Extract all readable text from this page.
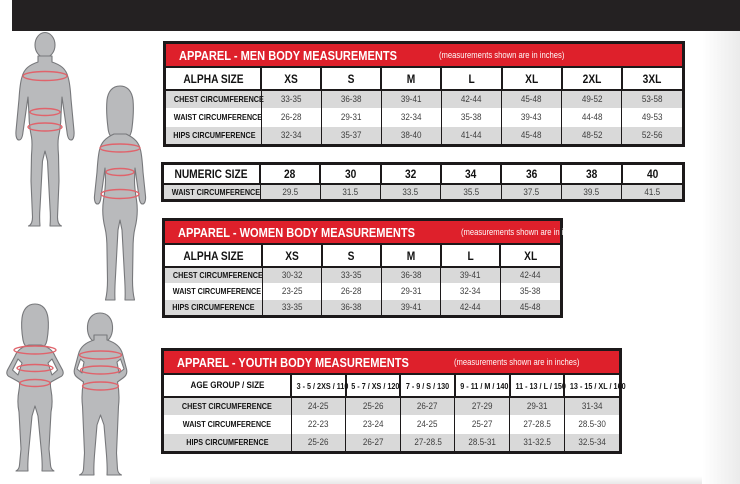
APPAREL - MEN BODY MEASUREMENTS	(measurements shown are in inches)
ALPHA SIZE	XS	S	M	L	XL	2XL	3XL
CHEST CIRCUMFERENCE	33-35	36-38	39-41	42-44	45-48	49-52	53-58
WAIST CIRCUMFERENCE	26-28	29-31	32-34	35-38	39-43	44-48	49-53
HIPS CIRCUMFERENCE	32-34	35-37	38-40	41-44	45-48	48-52	52-56
NUMERIC SIZE	28	30	32	34	36	38	40
WAIST CIRCUMFERENCE	29.5	31.5	33.5	35.5	37.5	39.5	41.5
APPAREL - WOMEN BODY MEASUREMENTS	(measurements shown are in inches)
ALPHA SIZE	XS	S	M	L	XL
CHEST CIRCUMFERENCE	30-32	33-35	36-38	39-41	42-44
WAIST CIRCUMFERENCE	23-25	26-28	29-31	32-34	35-38
HIPS CIRCUMFERENCE	33-35	36-38	39-41	42-44	45-48
APPAREL - YOUTH BODY MEASUREMENTS	(measurements shown are in inches)
AGE GROUP / SIZE	3 - 5 / 2XS / 110	5 - 7 / XS / 120	7 - 9 / S / 130	9 - 11 / M / 140	11 - 13 / L / 150	13 - 15 / XL / 160
CHEST CIRCUMFERENCE	24-25	25-26	26-27	27-29	29-31	31-34
WAIST CIRCUMFERENCE	22-23	23-24	24-25	25-27	27-28.5	28.5-30
HIPS CIRCUMFERENCE	25-26	26-27	27-28.5	28.5-31	31-32.5	32.5-34
